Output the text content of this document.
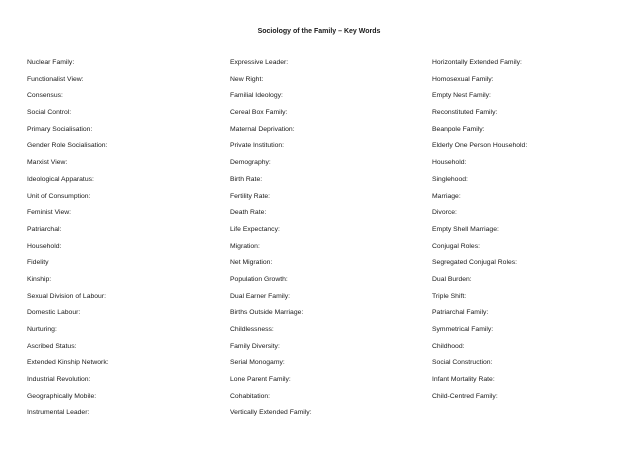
Sociology of the Family – Key Words
Nuclear Family:
Functionalist View:
Consensus:
Social Control:
Primary Socialisation:
Gender Role Socialisation:
Marxist View:
Ideological Apparatus:
Unit of Consumption:
Feminist View:
Patriarchal:
Household:
Fidelity
Kinship:
Sexual Division of Labour:
Domestic Labour:
Nurturing:
Ascribed Status:
Extended Kinship Network:
Industrial Revolution:
Geographically Mobile:
Instrumental Leader:
Expressive Leader:
New Right:
Familial Ideology:
Cereal Box Family:
Maternal Deprivation:
Private Institution:
Demography:
Birth Rate:
Fertility Rate:
Death Rate:
Life Expectancy:
Migration:
Net Migration:
Population Growth:
Dual Earner Family:
Births Outside Marriage:
Childlessness:
Family Diversity:
Serial Monogamy:
Lone Parent Family:
Cohabitation:
Vertically Extended Family:
Horizontally Extended Family:
Homosexual Family:
Empty Nest Family:
Reconstituted Family:
Beanpole Family:
Elderly One Person Household:
Household:
Singlehood:
Marriage:
Divorce:
Empty Shell Marriage:
Conjugal Roles:
Segregated Conjugal Roles:
Dual Burden:
Triple Shift:
Patriarchal Family:
Symmetrical Family:
Childhood:
Social Construction:
Infant Mortality Rate:
Child-Centred Family:
